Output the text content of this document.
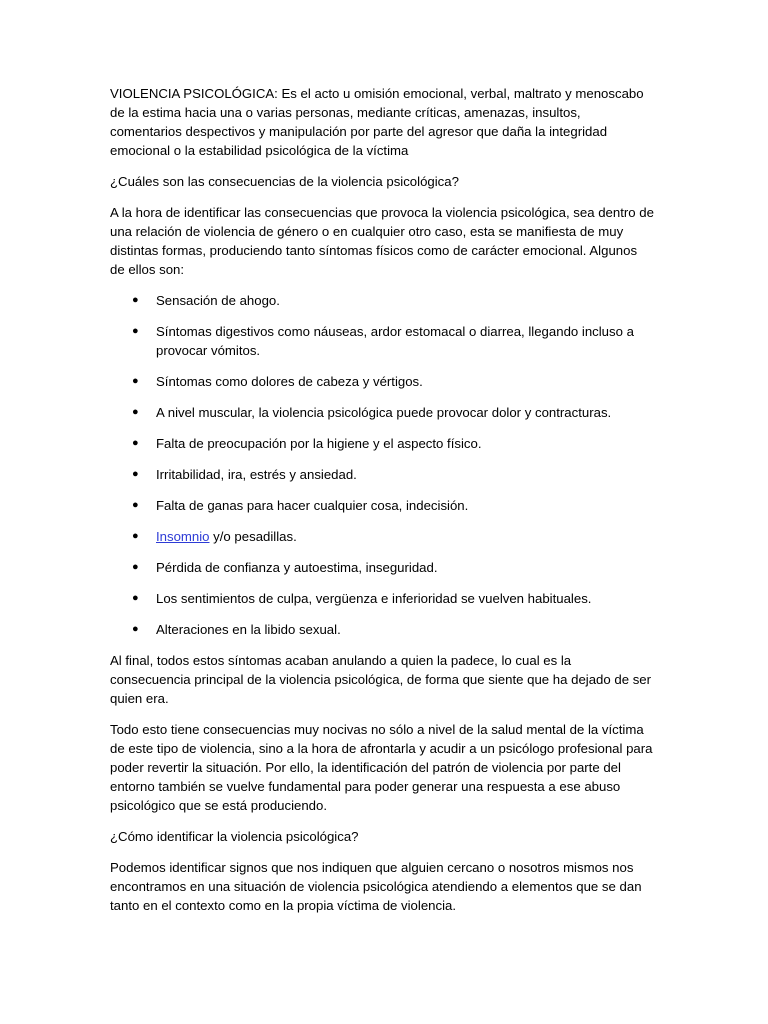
VIOLENCIA PSICOLÓGICA: Es el acto u omisión emocional, verbal, maltrato y menoscabo de la estima hacia una o varias personas, mediante críticas, amenazas, insultos, comentarios despectivos y manipulación por parte del agresor que daña la integridad emocional o la estabilidad psicológica de la víctima

¿Cuáles son las consecuencias de la violencia psicológica?

A la hora de identificar las consecuencias que provoca la violencia psicológica, sea dentro de una relación de violencia de género o en cualquier otro caso, esta se manifiesta de muy distintas formas, produciendo tanto síntomas físicos como de carácter emocional. Algunos de ellos son:

● Sensación de ahogo.
● Síntomas digestivos como náuseas, ardor estomacal o diarrea, llegando incluso a provocar vómitos.
● Síntomas como dolores de cabeza y vértigos.
● A nivel muscular, la violencia psicológica puede provocar dolor y contracturas.
● Falta de preocupación por la higiene y el aspecto físico.
● Irritabilidad, ira, estrés y ansiedad.
● Falta de ganas para hacer cualquier cosa, indecisión.
● Insomnio y/o pesadillas.
● Pérdida de confianza y autoestima, inseguridad.
● Los sentimientos de culpa, vergüenza e inferioridad se vuelven habituales.
● Alteraciones en la libido sexual.

Al final, todos estos síntomas acaban anulando a quien la padece, lo cual es la consecuencia principal de la violencia psicológica, de forma que siente que ha dejado de ser quien era.

Todo esto tiene consecuencias muy nocivas no sólo a nivel de la salud mental de la víctima de este tipo de violencia, sino a la hora de afrontarla y acudir a un psicólogo profesional para poder revertir la situación. Por ello, la identificación del patrón de violencia por parte del entorno también se vuelve fundamental para poder generar una respuesta a ese abuso psicológico que se está produciendo.

¿Cómo identificar la violencia psicológica?

Podemos identificar signos que nos indiquen que alguien cercano o nosotros mismos nos encontramos en una situación de violencia psicológica atendiendo a elementos que se dan tanto en el contexto como en la propia víctima de violencia.
